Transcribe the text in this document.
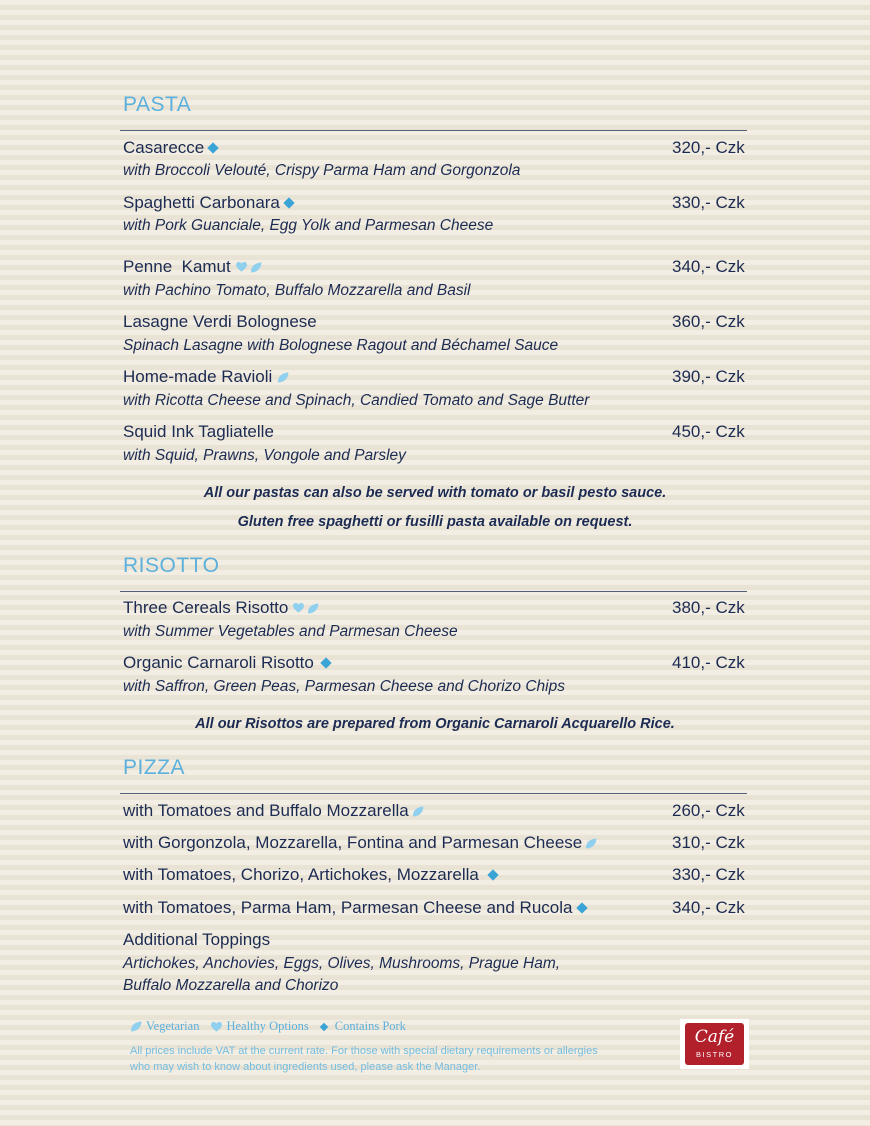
PASTA
Casarecce	320,- Czk
with Broccoli Velouté, Crispy Parma Ham and Gorgonzola
Spaghetti Carbonara	330,- Czk
with Pork Guanciale, Egg Yolk and Parmesan Cheese
Penne  Kamut	340,- Czk
with Pachino Tomato, Buffalo Mozzarella and Basil
Lasagne Verdi Bolognese	360,- Czk
Spinach Lasagne with Bolognese Ragout and Béchamel Sauce
Home-made Ravioli	390,- Czk
with Ricotta Cheese and Spinach, Candied Tomato and Sage Butter
Squid Ink Tagliatelle	450,- Czk
with Squid, Prawns, Vongole and Parsley
All our pastas can also be served with tomato or basil pesto sauce.
Gluten free spaghetti or fusilli pasta available on request.
RISOTTO
Three Cereals Risotto	380,- Czk
with Summer Vegetables and Parmesan Cheese
Organic Carnaroli Risotto	410,- Czk
with Saffron, Green Peas, Parmesan Cheese and Chorizo Chips
All our Risottos are prepared from Organic Carnaroli Acquarello Rice.
PIZZA
with Tomatoes and Buffalo Mozzarella	260,- Czk
with Gorgonzola, Mozzarella, Fontina and Parmesan Cheese	310,- Czk
with Tomatoes, Chorizo, Artichokes, Mozzarella	330,- Czk
with Tomatoes, Parma Ham, Parmesan Cheese and Rucola	340,- Czk
Additional Toppings
Artichokes, Anchovies, Eggs, Olives, Mushrooms, Prague Ham,
Buffalo Mozzarella and Chorizo
Vegetarian Healthy Options Contains Pork
All prices include VAT at the current rate. For those with special dietary requirements or allergies
who may wish to know about ingredients used, please ask the Manager.
Café
BISTRO
